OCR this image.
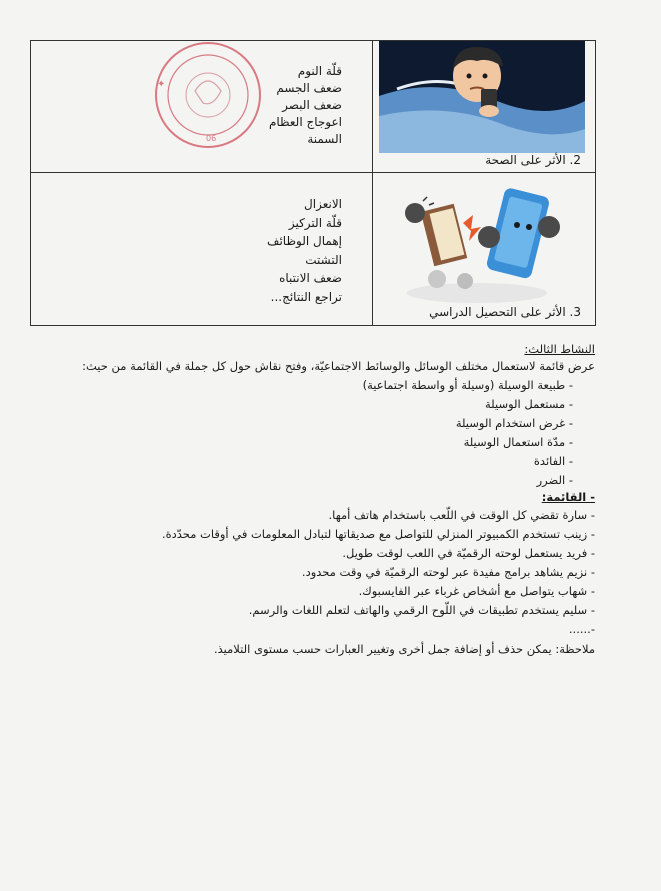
06
✦
قلّة النوم
ضعف الجسم
ضعف البصر
اعوجاج العظام
السمنة
2. الأثر على الصحة
الانعزال
قلّة التركيز
إهمال الوظائف
التشتت
ضعف الانتباه
تراجع النتائج...
3. الأثر على التحصيل الدراسي
النشاط الثالث:
عرض قائمة لاستعمال مختلف الوسائل والوسائط الاجتماعيّة، وفتح نقاش حول كل جملة في القائمة من حيث:
- طبيعة الوسيلة (وسيلة أو واسطة اجتماعية)
- مستعمل الوسيلة
- غرض استخدام الوسيلة
- مدّة استعمال الوسيلة
- الفائدة
- الضرر
- القائمة:
- سارة تقضي كل الوقت في اللّعب باستخدام هاتف أمها.
- زينب تستخدم الكمبيوتر المنزلي للتواصل مع صديقاتها لتبادل المعلومات في أوقات محدّدة.
- فريد يستعمل لوحته الرقميّة في اللعب لوقت طويل.
- نزيم يشاهد برامج مفيدة عبر لوحته الرقميّة في وقت محدود.
- شهاب يتواصل مع أشخاص غرباء عبر الفايسبوك.
- سليم يستخدم تطبيقات في اللّوح الرقمي والهاتف لتعلم اللغات والرسم.
-......
ملاحظة: يمكن حذف أو إضافة جمل أخرى وتغيير العبارات حسب مستوى التلاميذ.
